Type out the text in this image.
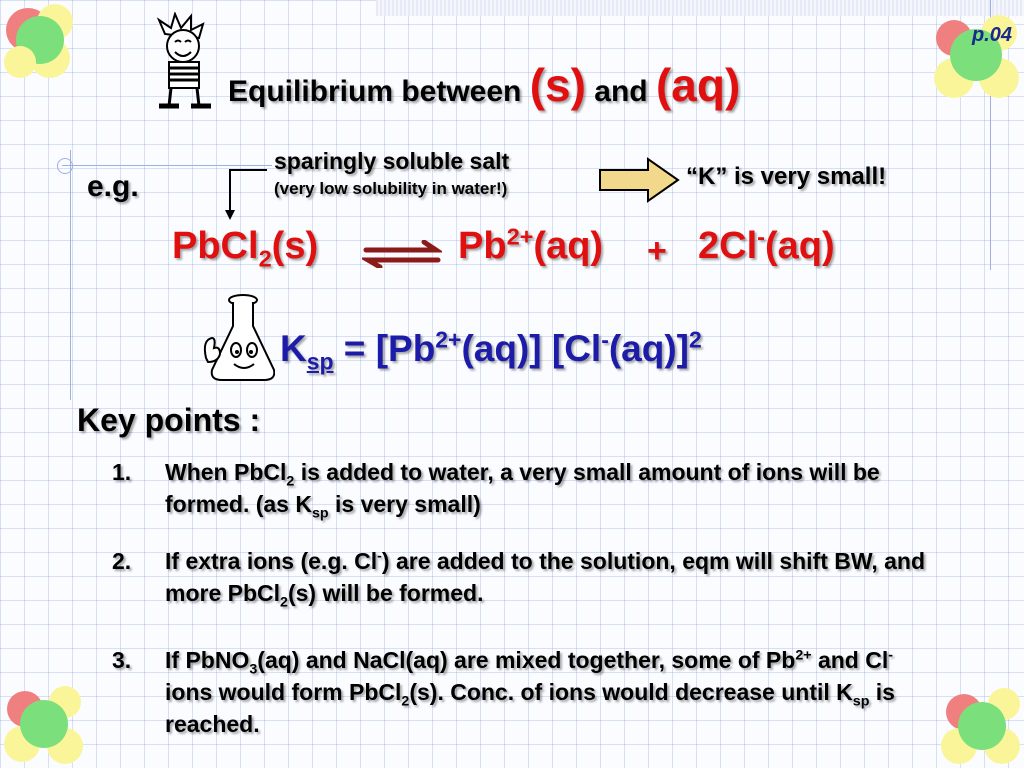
Equilibrium between (s) and (aq)
p.04
sparingly soluble salt
(very low solubility in water!)	“K” is very small!
e.g.
PbCl$_2$(s)	$Pb^{2+}(aq) + 2Cl^-(aq)$
$K_{sp} = [Pb^{2+}(aq)]$ $[Cl^-(aq)]^2$
Key points :
1.	When PbCl$_2$ is added to water, a very small amount of ions will be formed. (as $K_{sp}$ is very small)
2.	If extra ions (e.g. Cl-) are added to the solution, eqm will shift BW, and more PbCl$_2$(s) will be formed.
3.	If PbNO$_3$(aq) and NaCl(aq) are mixed together, some of $Pb^{2+}$ and Cl- ions would form PbCl$_2$(s). Conc. of ions would decrease until $K_{sp}$ is reached.
